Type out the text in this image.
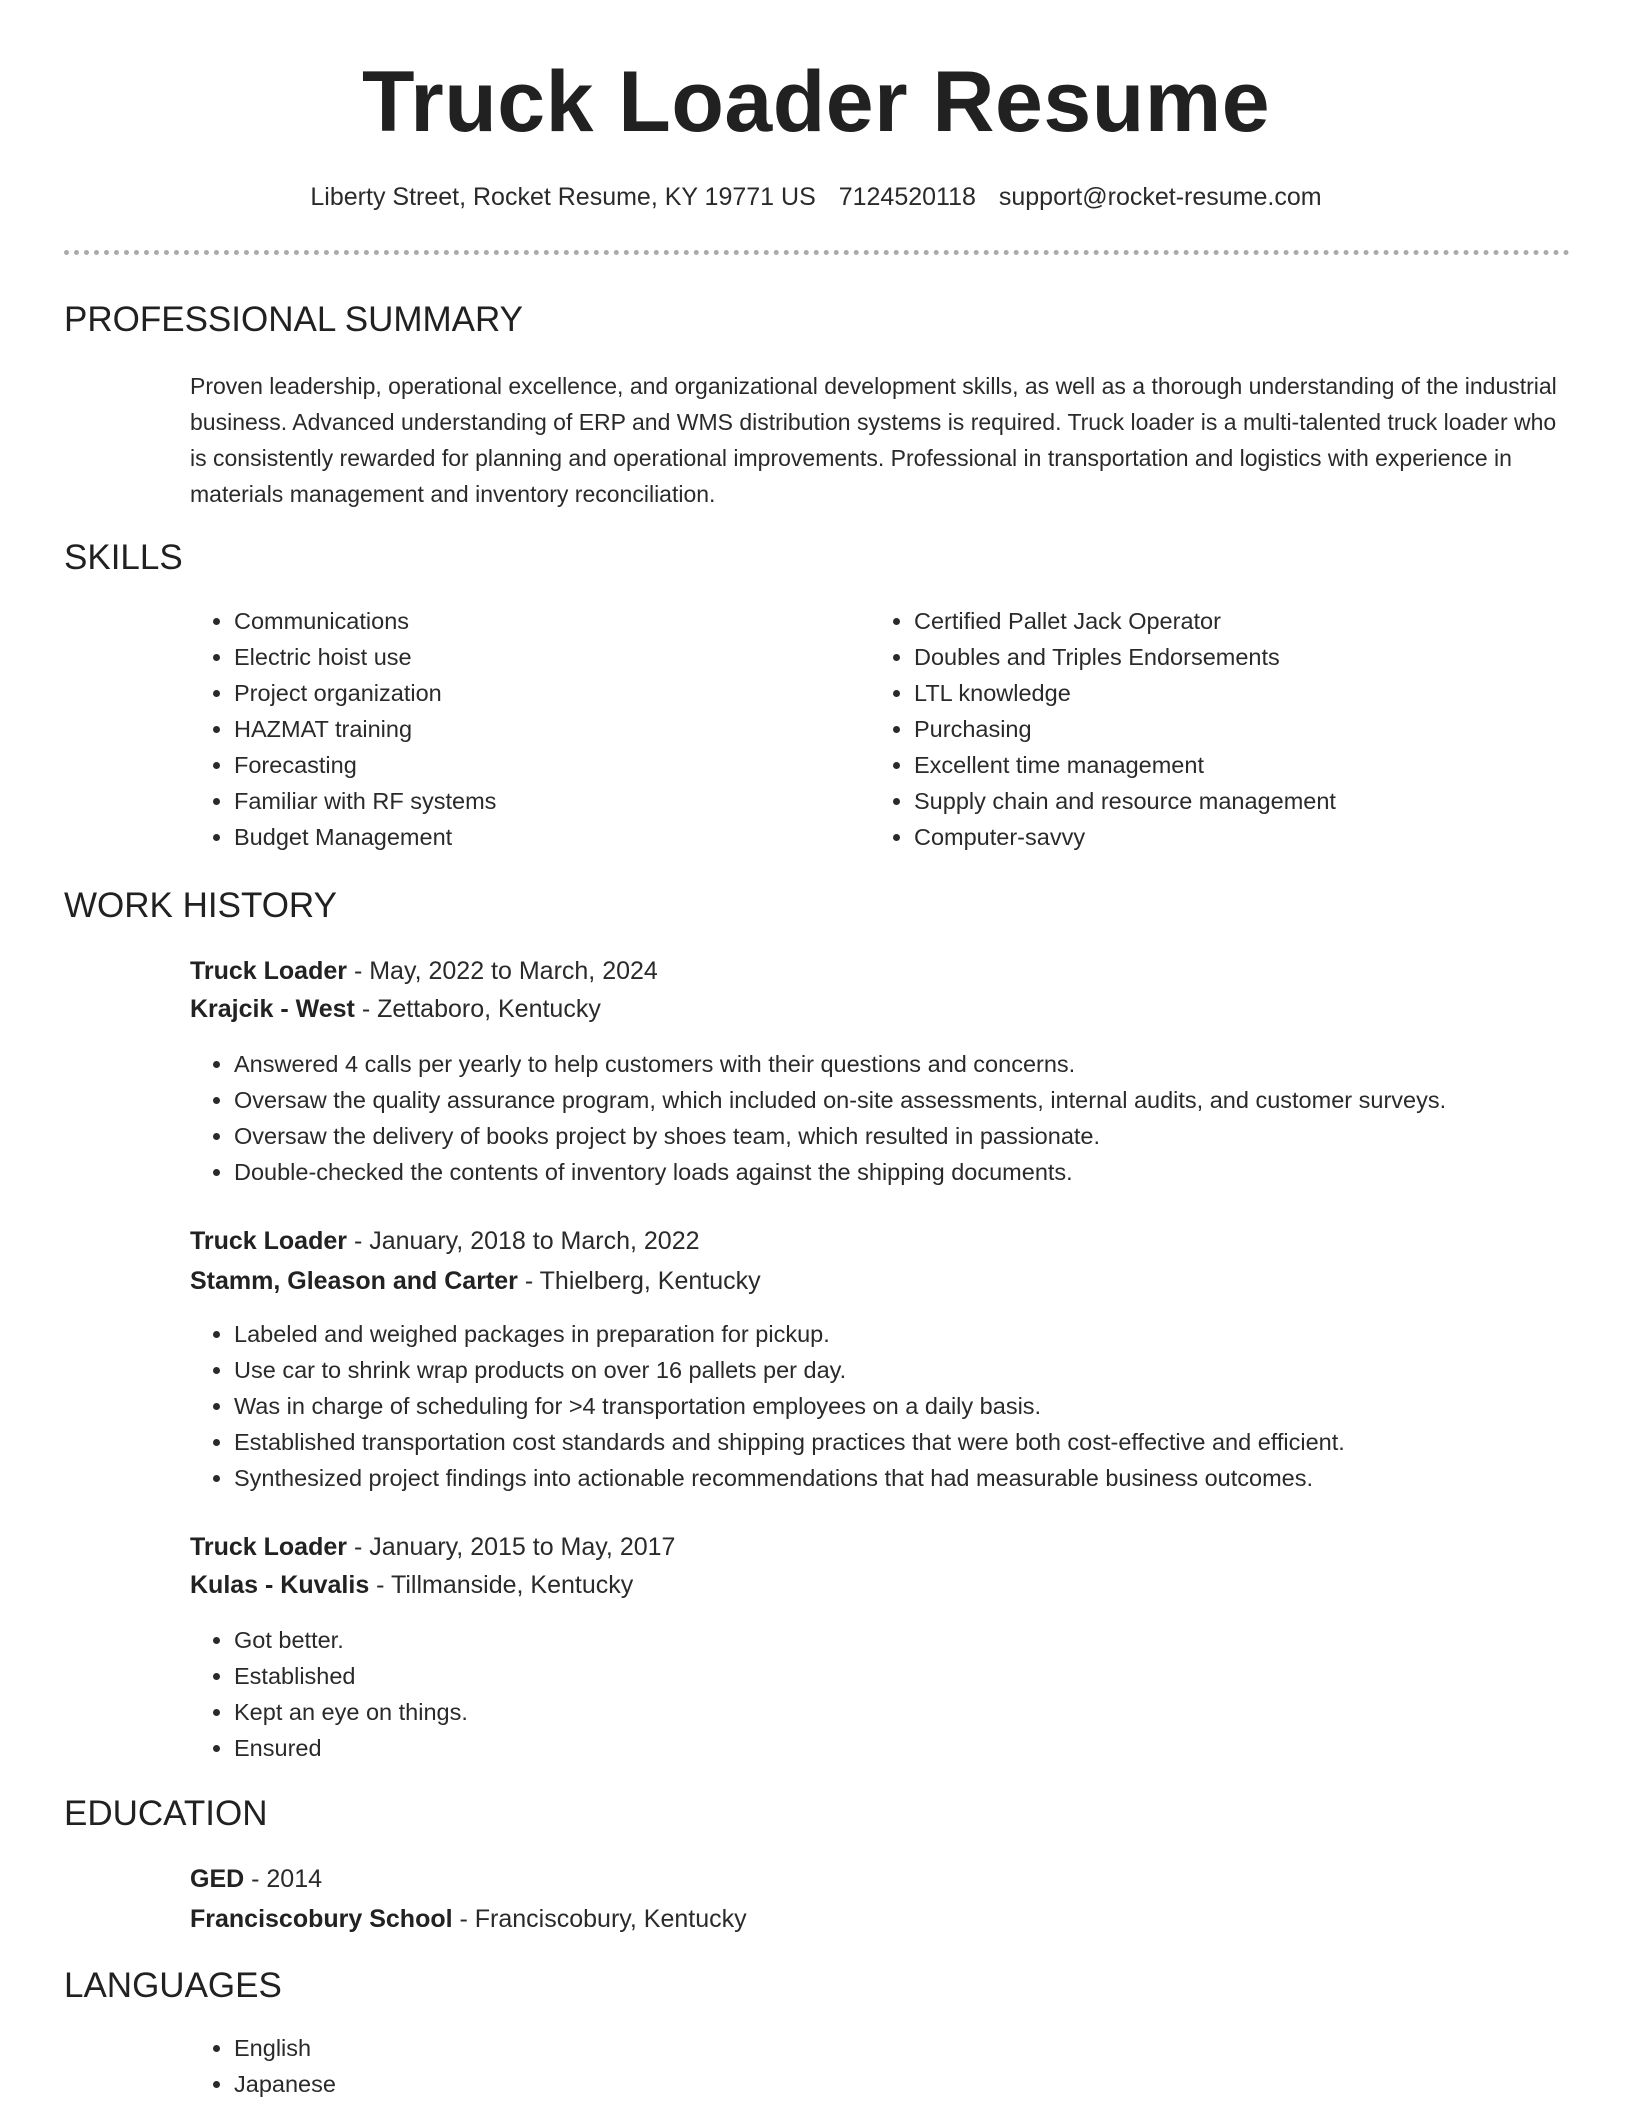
Truck Loader Resume
Liberty Street, Rocket Resume, KY 19771 US 7124520118 support@rocket-resume.com
PROFESSIONAL SUMMARY

Proven leadership, operational excellence, and organizational development skills, as well as a thorough understanding of the industrial business. Advanced understanding of ERP and WMS distribution systems is required. Truck loader is a multi-talented truck loader who is consistently rewarded for planning and operational improvements. Professional in transportation and logistics with experience in materials management and inventory reconciliation.

SKILLS
• Communications
• Electric hoist use
• Project organization
• HAZMAT training
• Forecasting
• Familiar with RF systems
• Budget Management
• Certified Pallet Jack Operator
• Doubles and Triples Endorsements
• LTL knowledge
• Purchasing
• Excellent time management
• Supply chain and resource management
• Computer-savvy
WORK HISTORY
Truck Loader - May, 2022 to March, 2024
Krajcik - West - Zettaboro, Kentucky
• Answered 4 calls per yearly to help customers with their questions and concerns.
• Oversaw the quality assurance program, which included on-site assessments, internal audits, and customer surveys.
• Oversaw the delivery of books project by shoes team, which resulted in passionate.
• Double-checked the contents of inventory loads against the shipping documents.
Truck Loader - January, 2018 to March, 2022
Stamm, Gleason and Carter - Thielberg, Kentucky
• Labeled and weighed packages in preparation for pickup.
• Use car to shrink wrap products on over 16 pallets per day.
• Was in charge of scheduling for >4 transportation employees on a daily basis.
• Established transportation cost standards and shipping practices that were both cost-effective and efficient.
• Synthesized project findings into actionable recommendations that had measurable business outcomes.
Truck Loader - January, 2015 to May, 2017
Kulas - Kuvalis - Tillmanside, Kentucky
• Got better.
• Established
• Kept an eye on things.
• Ensured
EDUCATION
GED - 2014
Franciscobury School - Franciscobury, Kentucky
LANGUAGES
• English
• Japanese
